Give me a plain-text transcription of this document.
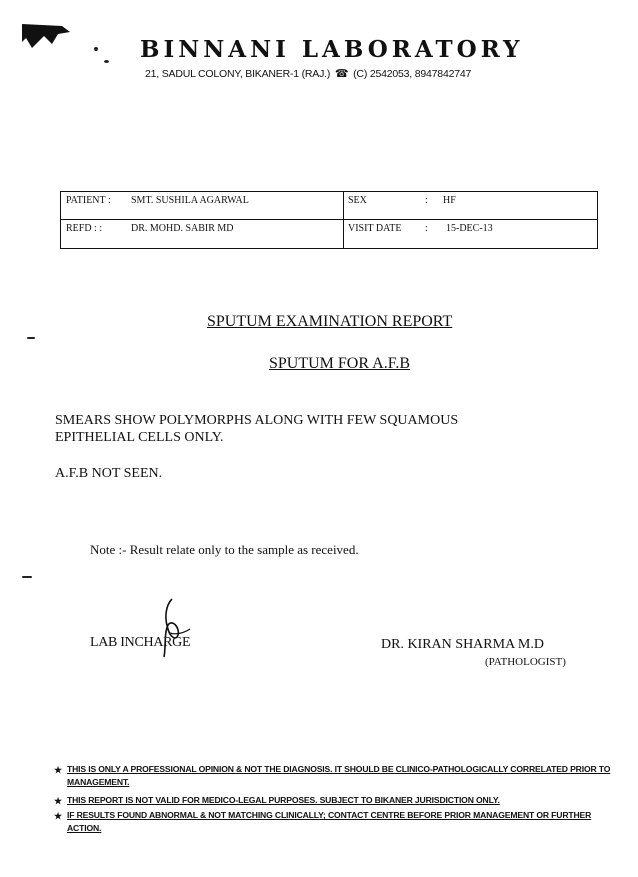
BINNANI LABORATORY
21, SADUL COLONY, BIKANER-1 (RAJ.) ☎ (C) 2542053, 8947842747
PATIENT : SMT. SUSHILA AGARWAL	SEX	: HF
REFD : :	DR. MOHD. SABIR MD	VISIT DATE : 15-DEC-13
SPUTUM EXAMINATION REPORT
SPUTUM FOR A.F.B
SMEARS SHOW POLYMORPHS ALONG WITH FEW SQUAMOUS
EPITHELIAL CELLS ONLY.
A.F.B NOT SEEN.
Note :- Result relate only to the sample as received.
LAB INCHARGE	DR. KIRAN SHARMA M.D
(PATHOLOGIST)
★ THIS IS ONLY A PROFESSIONAL OPINION & NOT THE DIAGNOSIS. IT SHOULD BE CLINICO-PATHOLOGICALLY CORRELATED PRIOR TO MANAGEMENT.
★ THIS REPORT IS NOT VALID FOR MEDICO-LEGAL PURPOSES. SUBJECT TO BIKANER JURISDICTION ONLY.
★ IF RESULTS FOUND ABNORMAL & NOT MATCHING CLINICALLY; CONTACT CENTRE BEFORE PRIOR MANAGEMENT OR FURTHER ACTION.
